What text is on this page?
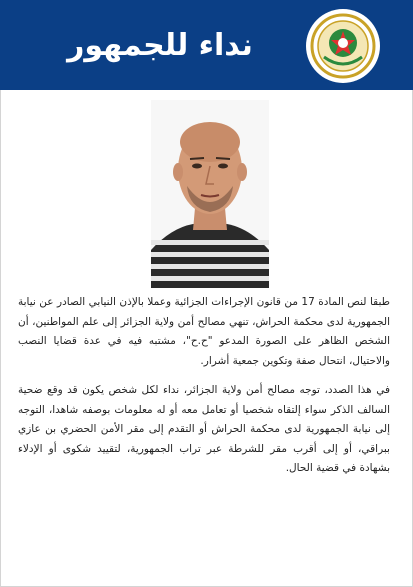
نداء للجمهور
طبقا لنص المادة 17 من قانون الإجراءات الجزائية وعملا بالإذن النيابي الصادر عن نيابة الجمهورية لدى محكمة الحراش، تنهي مصالح أمن ولاية الجزائر إلى علم المواطنين، أن الشخص الظاهر على الصورة المدعو "ح.ح"، مشتبه فيه في عدة قضايا النصب والاحتيال، انتحال صفة وتكوين جمعية أشرار.
في هذا الصدد، توجه مصالح أمن ولاية الجزائر، نداء لكل شخص يكون قد وقع ضحية السالف الذكر سواء إلتقاه شخصيا أو تعامل معه أو له معلومات بوصفه شاهدا، التوجه إلى نيابة الجمهورية لدى محكمة الحراش أو التقدم إلى مقر الأمن الحضري بن عازي ببراقي، أو إلى أقرب مقر للشرطة عبر تراب الجمهورية، لتقييد شكوى أو الإدلاء بشهادة في قضية الحال.
